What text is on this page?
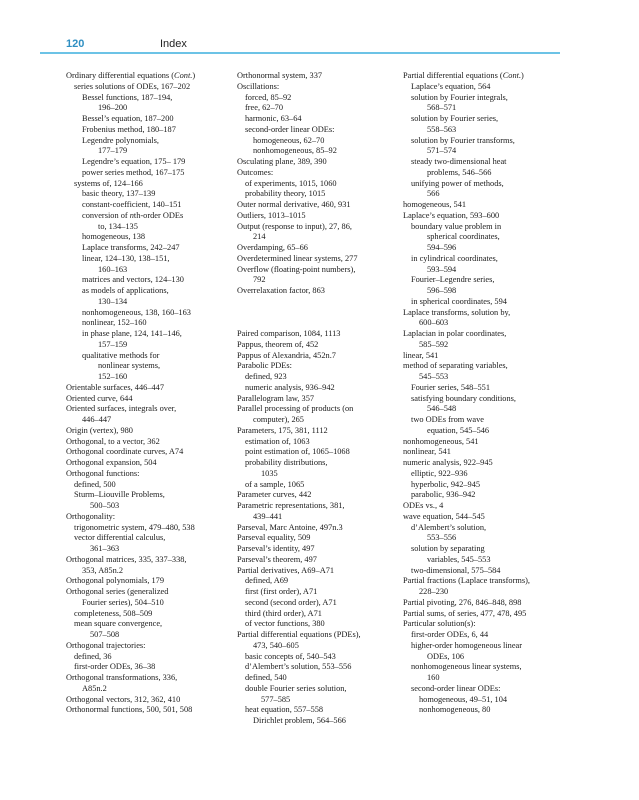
120	Index
Ordinary differential equations (Cont.)
series solutions of ODEs, 167–202
Bessel functions, 187–194,
196–200
Bessel’s equation, 187–200
Frobenius method, 180–187
Legendre polynomials,
177–179
Legendre’s equation, 175– 179
power series method, 167–175
systems of, 124–166
basic theory, 137–139
constant-coefficient, 140–151
conversion of nth-order ODEs
to, 134–135
homogeneous, 138
Laplace transforms, 242–247
linear, 124–130, 138–151,
160–163
matrices and vectors, 124–130
as models of applications,
130–134
nonhomogeneous, 138, 160–163
nonlinear, 152–160
in phase plane, 124, 141–146,
157–159
qualitative methods for
nonlinear systems,
152–160
Orientable surfaces, 446–447
Oriented curve, 644
Oriented surfaces, integrals over,
446–447
Origin (vertex), 980
Orthogonal, to a vector, 362
Orthogonal coordinate curves, A74
Orthogonal expansion, 504
Orthogonal functions:
defined, 500
Sturm–Liouville Problems,
500–503
Orthogonality:
trigonometric system, 479–480, 538
vector differential calculus,
361–363
Orthogonal matrices, 335, 337–338,
353, A85n.2
Orthogonal polynomials, 179
Orthogonal series (generalized
Fourier series), 504–510
completeness, 508–509
mean square convergence,
507–508
Orthogonal trajectories:
defined, 36
first-order ODEs, 36–38
Orthogonal transformations, 336,
A85n.2
Orthogonal vectors, 312, 362, 410
Orthonormal functions, 500, 501, 508
Orthonormal system, 337
Oscillations:
forced, 85–92
free, 62–70
harmonic, 63–64
second-order linear ODEs:
homogeneous, 62–70
nonhomogeneous, 85–92
Osculating plane, 389, 390
Outcomes:
of experiments, 1015, 1060
probability theory, 1015
Outer normal derivative, 460, 931
Outliers, 1013–1015
Output (response to input), 27, 86,
214
Overdamping, 65–66
Overdetermined linear systems, 277
Overflow (floating-point numbers),
792
Overrelaxation factor, 863
Paired comparison, 1084, 1113
Pappus, theorem of, 452
Pappus of Alexandria, 452n.7
Parabolic PDEs:
defined, 923
numeric analysis, 936–942
Parallelogram law, 357
Parallel processing of products (on
computer), 265
Parameters, 175, 381, 1112
estimation of, 1063
point estimation of, 1065–1068
probability distributions,
1035
of a sample, 1065
Parameter curves, 442
Parametric representations, 381,
439–441
Parseval, Marc Antoine, 497n.3
Parseval equality, 509
Parseval’s identity, 497
Parseval’s theorem, 497
Partial derivatives, A69–A71
defined, A69
first (first order), A71
second (second order), A71
third (third order), A71
of vector functions, 380
Partial differential equations (PDEs),
473, 540–605
basic concepts of, 540–543
d’Alembert’s solution, 553–556
defined, 540
double Fourier series solution,
577–585
heat equation, 557–558
Dirichlet problem, 564–566
Partial differential equations (Cont.)
Laplace’s equation, 564
solution by Fourier integrals,
568–571
solution by Fourier series,
558–563
solution by Fourier transforms,
571–574
steady two-dimensional heat
problems, 546–566
unifying power of methods,
566
homogeneous, 541
Laplace’s equation, 593–600
boundary value problem in
spherical coordinates,
594–596
in cylindrical coordinates,
593–594
Fourier–Legendre series,
596–598
in spherical coordinates, 594
Laplace transforms, solution by,
600–603
Laplacian in polar coordinates,
585–592
linear, 541
method of separating variables,
545–553
Fourier series, 548–551
satisfying boundary conditions,
546–548
two ODEs from wave
equation, 545–546
nonhomogeneous, 541
nonlinear, 541
numeric analysis, 922–945
elliptic, 922–936
hyperbolic, 942–945
parabolic, 936–942
ODEs vs., 4
wave equation, 544–545
d’Alembert’s solution,
553–556
solution by separating
variables, 545–553
two-dimensional, 575–584
Partial fractions (Laplace transforms),
228–230
Partial pivoting, 276, 846–848, 898
Partial sums, of series, 477, 478, 495
Particular solution(s):
first-order ODEs, 6, 44
higher-order homogeneous linear
ODEs, 106
nonhomogeneous linear systems,
160
second-order linear ODEs:
homogeneous, 49–51, 104
nonhomogeneous, 80
